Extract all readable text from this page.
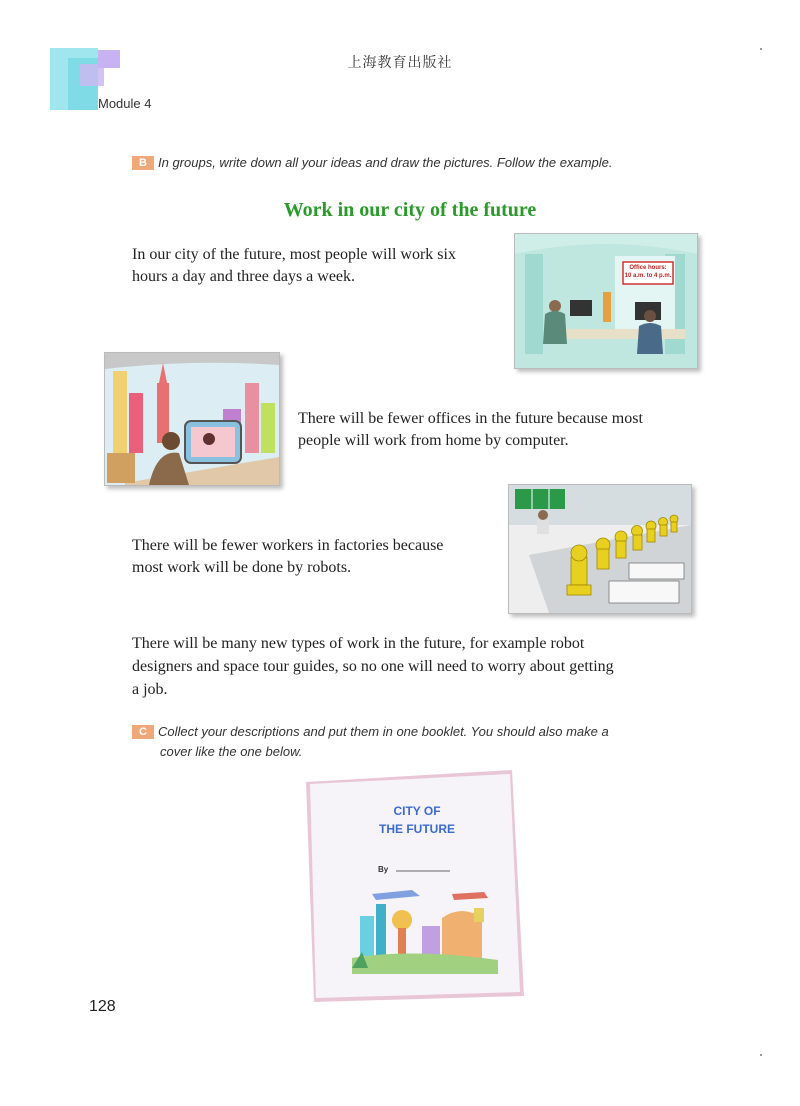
上海教育出版社
Module 4
B In groups, write down all your ideas and draw the pictures. Follow the example.
Work in our city of the future
In our city of the future, most people will work six
hours a day and three days a week.	Office hours:
10 a.m. to 4 p.m.
There will be fewer offices in the future because most
people will work from home by computer.
There will be fewer workers in factories because
most work will be done by robots.
There will be many new types of work in the future, for example robot
designers and space tour guides, so no one will need to worry about getting
a job.
C Collect your descriptions and put them in one booklet. You should also make a
cover like the one below.
CITY OF
THE FUTURE
By
128
